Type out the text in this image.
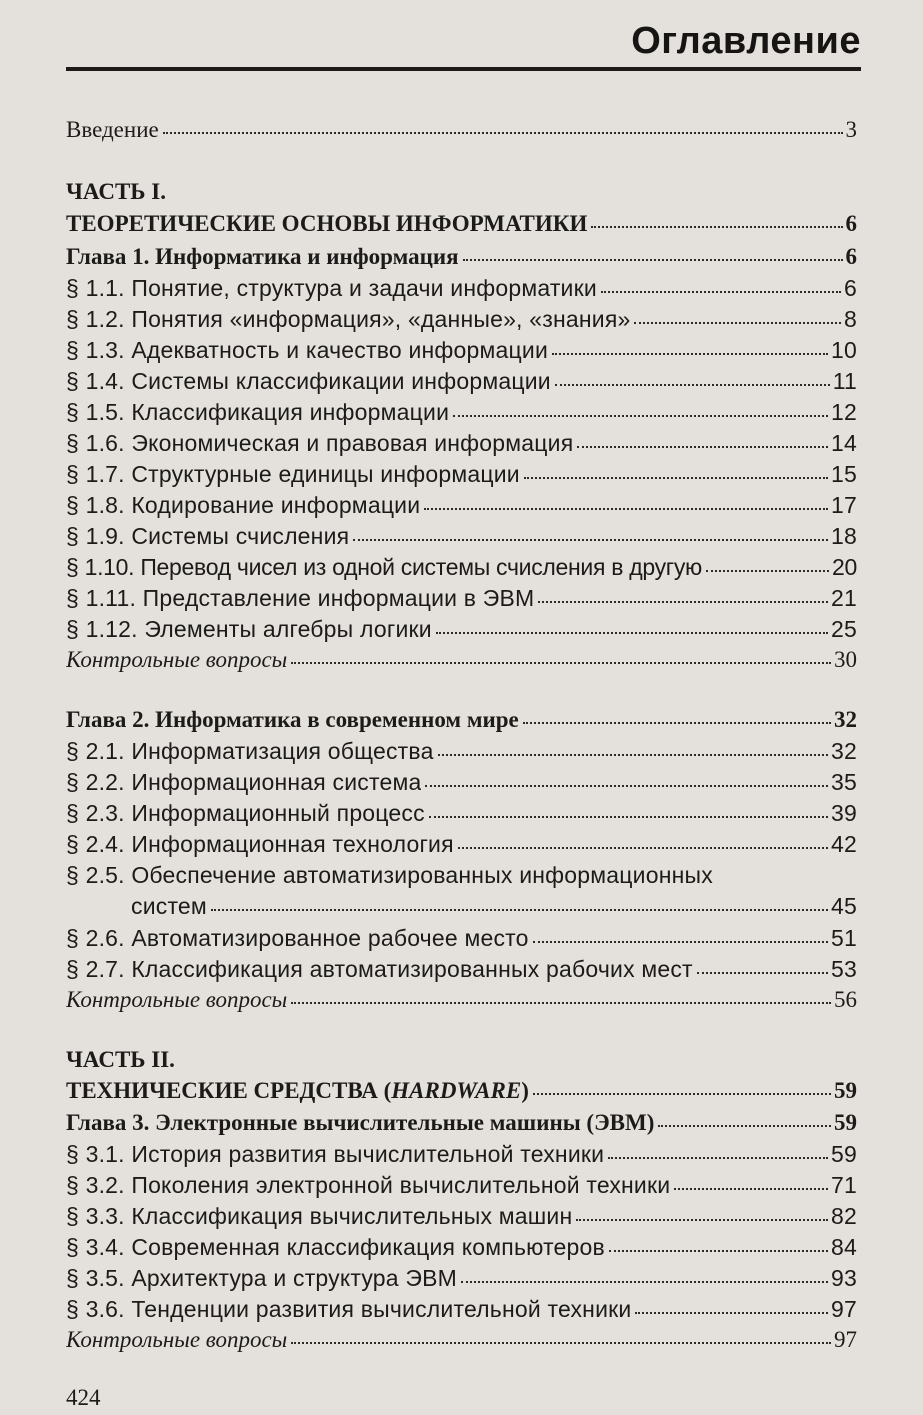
Оглавление
Введение	3
ЧАСТЬ I.
ТЕОРЕТИЧЕСКИЕ ОСНОВЫ ИНФОРМАТИКИ	6
Глава 1. Информатика и информация	6
§ 1.1. Понятие, структура и задачи информатики	6
§ 1.2. Понятия «информация», «данные», «знания»	8
§ 1.3. Адекватность и качество информации	10
§ 1.4. Системы классификации информации	11
§ 1.5. Классификация информации	12
§ 1.6. Экономическая и правовая информация	14
§ 1.7. Структурные единицы информации	15
§ 1.8. Кодирование информации	17
§ 1.9. Системы счисления	18
§ 1.10. Перевод чисел из одной системы счисления в другую	20
§ 1.11. Представление информации в ЭВМ	21
§ 1.12. Элементы алгебры логики	25
Контрольные вопросы	30
Глава 2. Информатика в современном мире	32
§ 2.1. Информатизация общества	32
§ 2.2. Информационная система	35
§ 2.3. Информационный процесс	39
§ 2.4. Информационная технология	42
§ 2.5. Обеспечение автоматизированных информационных
систем	45
§ 2.6. Автоматизированное рабочее место	51
§ 2.7. Классификация автоматизированных рабочих мест	53
Контрольные вопросы	56
ЧАСТЬ II.
ТЕХНИЧЕСКИЕ СРЕДСТВА (HARDWARE)	59
Глава 3. Электронные вычислительные машины (ЭВМ)	59
§ 3.1. История развития вычислительной техники	59
§ 3.2. Поколения электронной вычислительной техники	71
§ 3.3. Классификация вычислительных машин	82
§ 3.4. Современная классификация компьютеров	84
§ 3.5. Архитектура и структура ЭВМ	93
§ 3.6. Тенденции развития вычислительной техники	97
Контрольные вопросы	97
424
